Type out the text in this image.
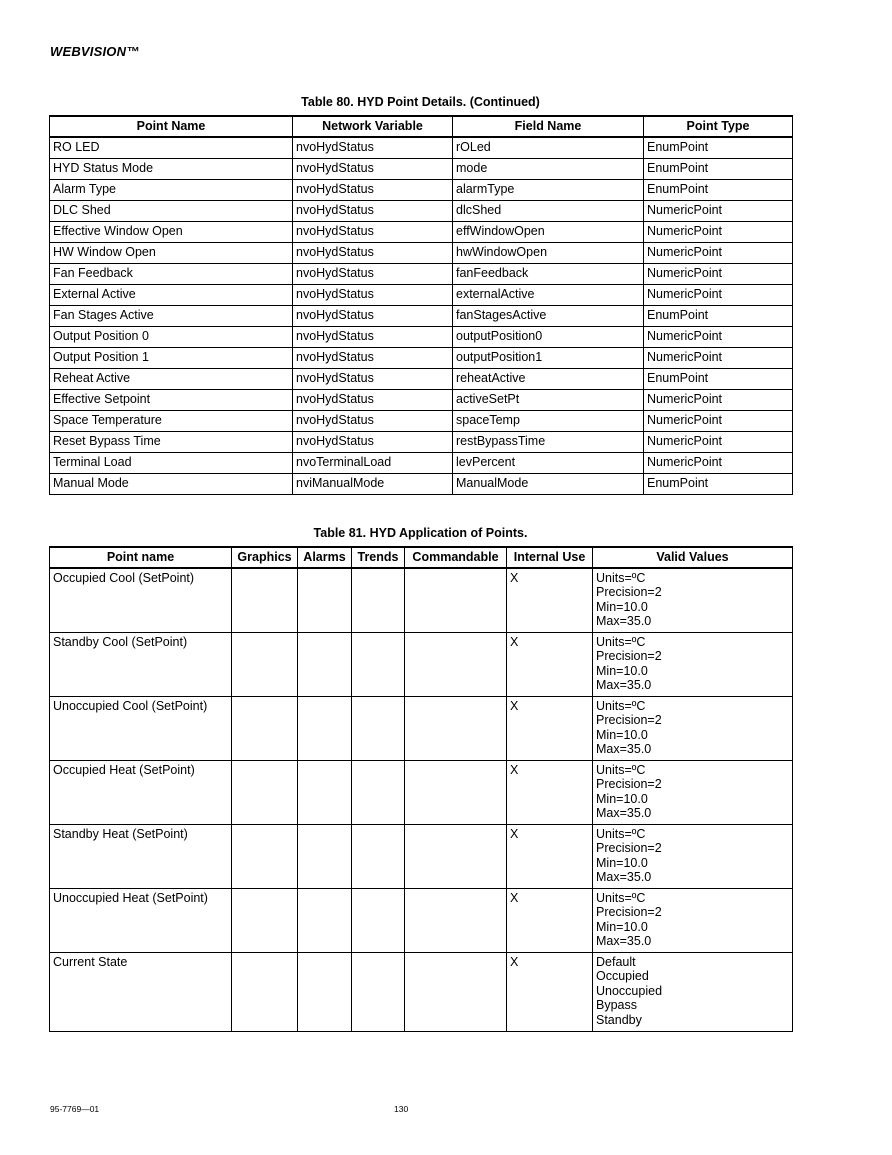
WEBVISION™
Table 80. HYD Point Details. (Continued)
Point Name	Network Variable	Field Name	Point Type
RO LED	nvoHydStatus	rOLed	EnumPoint
HYD Status Mode	nvoHydStatus	mode	EnumPoint
Alarm Type	nvoHydStatus	alarmType	EnumPoint
DLC Shed	nvoHydStatus	dlcShed	NumericPoint
Effective Window Open	nvoHydStatus	effWindowOpen	NumericPoint
HW Window Open	nvoHydStatus	hwWindowOpen	NumericPoint
Fan Feedback	nvoHydStatus	fanFeedback	NumericPoint
External Active	nvoHydStatus	externalActive	NumericPoint
Fan Stages Active	nvoHydStatus	fanStagesActive	EnumPoint
Output Position 0	nvoHydStatus	outputPosition0	NumericPoint
Output Position 1	nvoHydStatus	outputPosition1	NumericPoint
Reheat Active	nvoHydStatus	reheatActive	EnumPoint
Effective Setpoint	nvoHydStatus	activeSetPt	NumericPoint
Space Temperature	nvoHydStatus	spaceTemp	NumericPoint
Reset Bypass Time	nvoHydStatus	restBypassTime	NumericPoint
Terminal Load	nvoTerminalLoad	levPercent	NumericPoint
Manual Mode	nviManualMode	ManualMode	EnumPoint
Table 81. HYD Application of Points.
Point name	Graphics	Alarms	Trends	Commandable	Internal Use	Valid Values
Occupied Cool (SetPoint)					X	Units=ºC
Precision=2
Min=10.0
Max=35.0

Standby Cool (SetPoint)					X	Units=ºC
Precision=2
Min=10.0
Max=35.0

Unoccupied Cool (SetPoint)					X	Units=ºC
Precision=2
Min=10.0
Max=35.0

Occupied Heat (SetPoint)					X	Units=ºC
Precision=2
Min=10.0
Max=35.0

Standby Heat (SetPoint)					X	Units=ºC
Precision=2
Min=10.0
Max=35.0

Unoccupied Heat (SetPoint)					X	Units=ºC
Precision=2
Min=10.0
Max=35.0

Current State					X	Default
Occupied
Unoccupied
Bypass
Standby
95-7769—01	130
